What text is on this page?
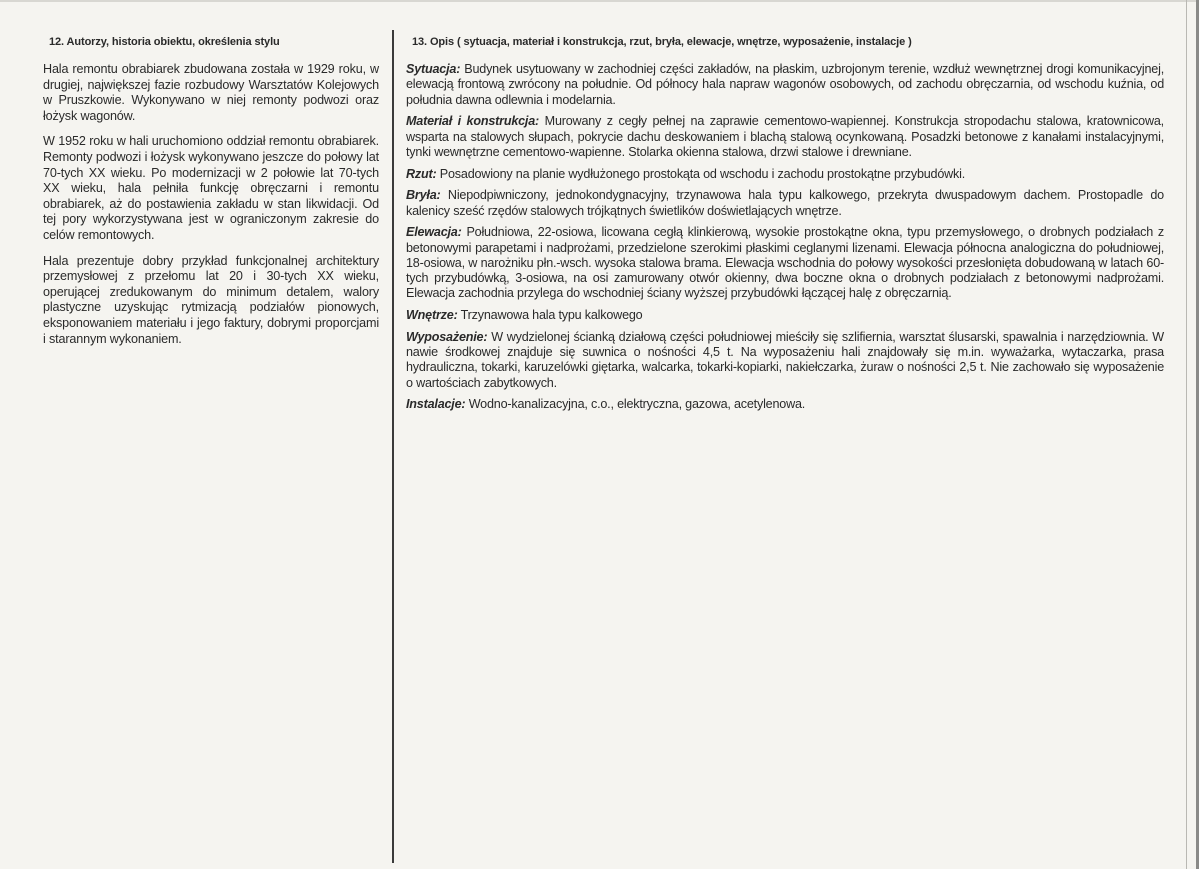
12. Autorzy, historia obiektu, określenia stylu

Hala remontu obrabiarek zbudowana została w 1929 roku, w drugiej, największej fazie rozbudowy Warsztatów Kolejowych w Pruszkowie. Wykonywano w niej remonty podwozi oraz łożysk wagonów.

W 1952 roku w hali uruchomiono oddział remontu obrabiarek. Remonty podwozi i łożysk wykonywano jeszcze do połowy lat 70-tych XX wieku. Po modernizacji w 2 połowie lat 70-tych XX wieku, hala pełniła funkcję obręczarni i remontu obrabiarek, aż do postawienia zakładu w stan likwidacji. Od tej pory wykorzystywana jest w ograniczonym zakresie do celów remontowych.

Hala prezentuje dobry przykład funkcjonalnej architektury przemysłowej z przełomu lat 20 i 30-tych XX wieku, operującej zredukowanym do minimum detalem, walory plastyczne uzyskując rytmizacją podziałów pionowych, eksponowaniem materiału i jego faktury, dobrymi proporcjami i starannym wykonaniem.

13. Opis ( sytuacja, materiał i konstrukcja, rzut, bryła, elewacje, wnętrze, wyposażenie, instalacje )

Sytuacja: Budynek usytuowany w zachodniej części zakładów, na płaskim, uzbrojonym terenie, wzdłuż wewnętrznej drogi komunikacyjnej, elewacją frontową zwrócony na południe. Od północy hala napraw wagonów osobowych, od zachodu obręczarnia, od wschodu kuźnia, od południa dawna odlewnia i modelarnia.

Materiał i konstrukcja: Murowany z cegły pełnej na zaprawie cementowo-wapiennej. Konstrukcja stropodachu stalowa, kratownicowa, wsparta na stalowych słupach, pokrycie dachu deskowaniem i blachą stalową ocynkowaną. Posadzki betonowe z kanałami instalacyjnymi, tynki wewnętrzne cementowo-wapienne. Stolarka okienna stalowa, drzwi stalowe i drewniane.

Rzut: Posadowiony na planie wydłużonego prostokąta od wschodu i zachodu prostokątne przybudówki.

Bryła: Niepodpiwniczony, jednokondygnacyjny, trzynawowa hala typu kalkowego, przekryta dwuspadowym dachem. Prostopadle do kalenicy sześć rzędów stalowych trójkątnych świetlików doświetlających wnętrze.

Elewacja: Południowa, 22-osiowa, licowana cegłą klinkierową, wysokie prostokątne okna, typu przemysłowego, o drobnych podziałach z betonowymi parapetami i nadprożami, przedzielone szerokimi płaskimi ceglanymi lizenami. Elewacja północna analogiczna do południowej, 18-osiowa, w narożniku płn.-wsch. wysoka stalowa brama. Elewacja wschodnia do połowy wysokości przesłonięta dobudowaną w latach 60-tych przybudówką, 3-osiowa, na osi zamurowany otwór okienny, dwa boczne okna o drobnych podziałach z betonowymi nadprożami. Elewacja zachodnia przylega do wschodniej ściany wyższej przybudówki łączącej halę z obręczarnią.

Wnętrze: Trzynawowa hala typu kalkowego

Wyposażenie: W wydzielonej ścianką działową części południowej mieściły się szlifiernia, warsztat ślusarski, spawalnia i narzędziownia. W nawie środkowej znajduje się suwnica o nośności 4,5 t. Na wyposażeniu hali znajdowały się m.in. wyważarka, wytaczarka, prasa hydrauliczna, tokarki, karuzelówki giętarka, walcarka, tokarki-kopiarki, nakiełczarka, żuraw o nośności 2,5 t. Nie zachowało się wyposażenie o wartościach zabytkowych.

Instalacje: Wodno-kanalizacyjna, c.o., elektryczna, gazowa, acetylenowa.
